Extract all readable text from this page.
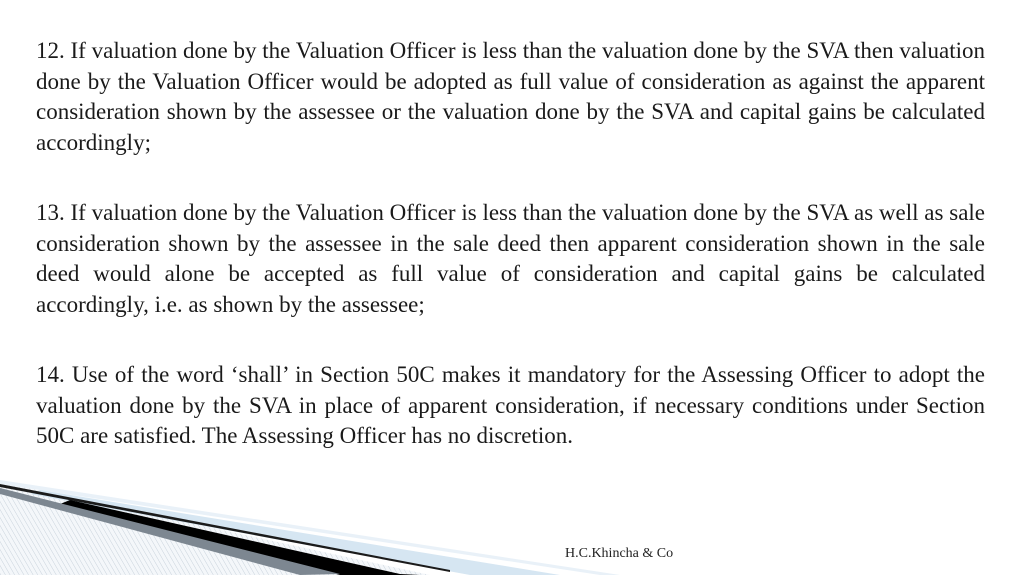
12. If valuation done by the Valuation Officer is less than the valuation done by the SVA then valuation done by the Valuation Officer would be adopted as full value of consideration as against the apparent consideration shown by the assessee or the valuation done by the SVA and capital gains be calculated accordingly;

13. If valuation done by the Valuation Officer is less than the valuation done by the SVA as well as sale consideration shown by the assessee in the sale deed then apparent consideration shown in the sale deed would alone be accepted as full value of consideration and capital gains be calculated accordingly, i.e. as shown by the assessee;

14. Use of the word ‘shall’ in Section 50C makes it mandatory for the Assessing Officer to adopt the valuation done by the SVA in place of apparent consideration, if necessary conditions under Section 50C are satisfied. The Assessing Officer has no discretion.

H.C.Khincha & Co
